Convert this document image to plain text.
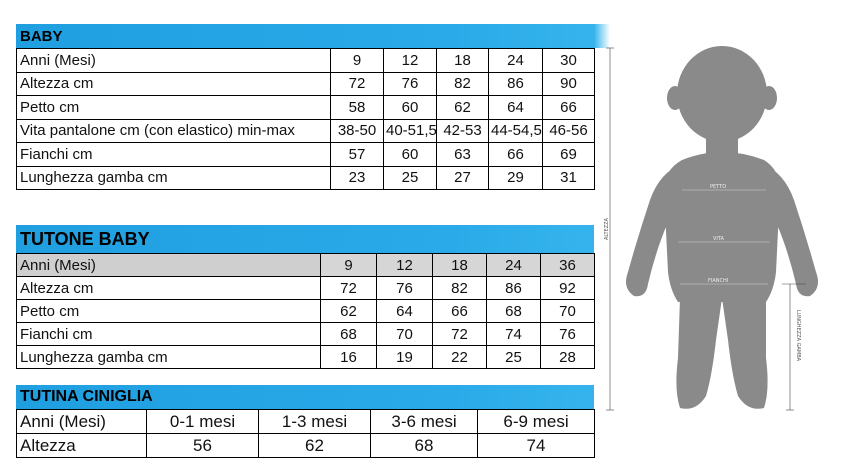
BABY
Anni (Mesi)	9	12	18	24	30
Altezza cm	72	76	82	86	90
Petto cm	58	60	62	64	66
Vita pantalone cm (con elastico) min-max	38-50	40-51,5	42-53	44-54,5	46-56
Fianchi cm	57	60	63	66	69
Lunghezza gamba cm	23	25	27	29	31
TUTONE BABY
Anni (Mesi)	9	12	18	24	36
Altezza cm	72	76	82	86	92
Petto cm	62	64	66	68	70
Fianchi cm	68	70	72	74	76
Lunghezza gamba cm	16	19	22	25	28
TUTINA CINIGLIA
Anni (Mesi)	0-1 mesi	1-3 mesi	3-6 mesi	6-9 mesi
Altezza	56	62	68	74
PETTO
VITA
FIANCHI
ALTEZZA
LUNGHEZZA GAMBA
